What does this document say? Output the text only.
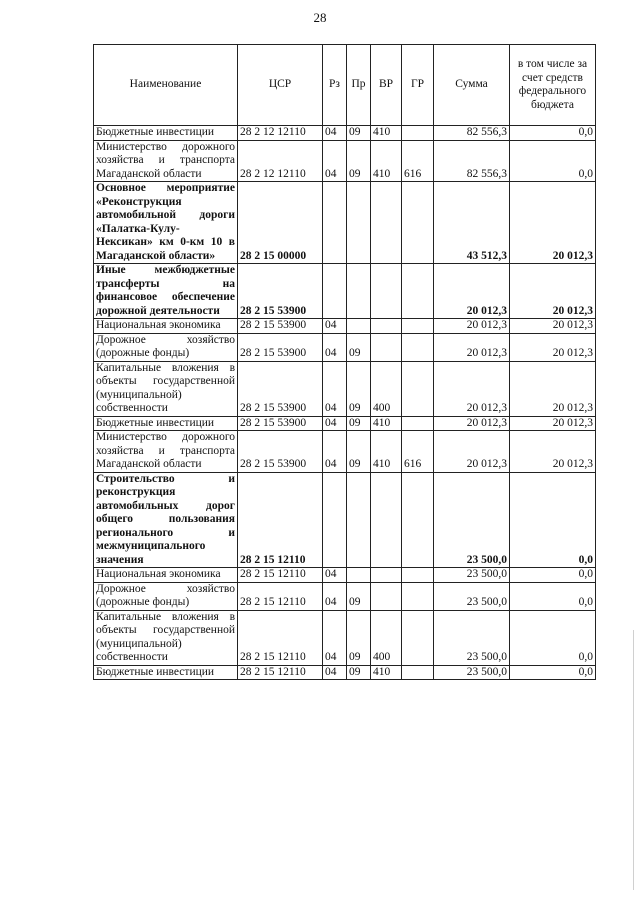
28
Наименование	ЦСР	Рз	Пр	ВР	ГР	Сумма	в том числе за счет средств федерального бюджета
Бюджетные инвестиции	28 2 12 12110	04	09	410		82 556,3	0,0
Министерство дорожного хозяйства и транспорта Магаданской области	28 2 12 12110	04	09	410	616	82 556,3	0,0
Основное мероприятие «Реконструкция автомобильной дороги «Палатка-Кулу-Нексикан» км 0-км 10 в Магаданской области»	28 2 15 00000					43 512,3	20 012,3
Иные межбюджетные трансферты на финансовое обеспечение дорожной деятельности	28 2 15 53900					20 012,3	20 012,3
Национальная экономика	28 2 15 53900	04				20 012,3	20 012,3
Дорожное хозяйство (дорожные фонды)	28 2 15 53900	04	09			20 012,3	20 012,3
Капитальные вложения в объекты государственной (муниципальной) собственности	28 2 15 53900	04	09	400		20 012,3	20 012,3
Бюджетные инвестиции	28 2 15 53900	04	09	410		20 012,3	20 012,3
Министерство дорожного хозяйства и транспорта Магаданской области	28 2 15 53900	04	09	410	616	20 012,3	20 012,3
Строительство и реконструкция автомобильных дорог общего пользования регионального и межмуниципального значения	28 2 15 12110					23 500,0	0,0
Национальная экономика	28 2 15 12110	04				23 500,0	0,0
Дорожное хозяйство (дорожные фонды)	28 2 15 12110	04	09			23 500,0	0,0
Капитальные вложения в объекты государственной (муниципальной) собственности	28 2 15 12110	04	09	400		23 500,0	0,0
Бюджетные инвестиции	28 2 15 12110	04	09	410		23 500,0	0,0
